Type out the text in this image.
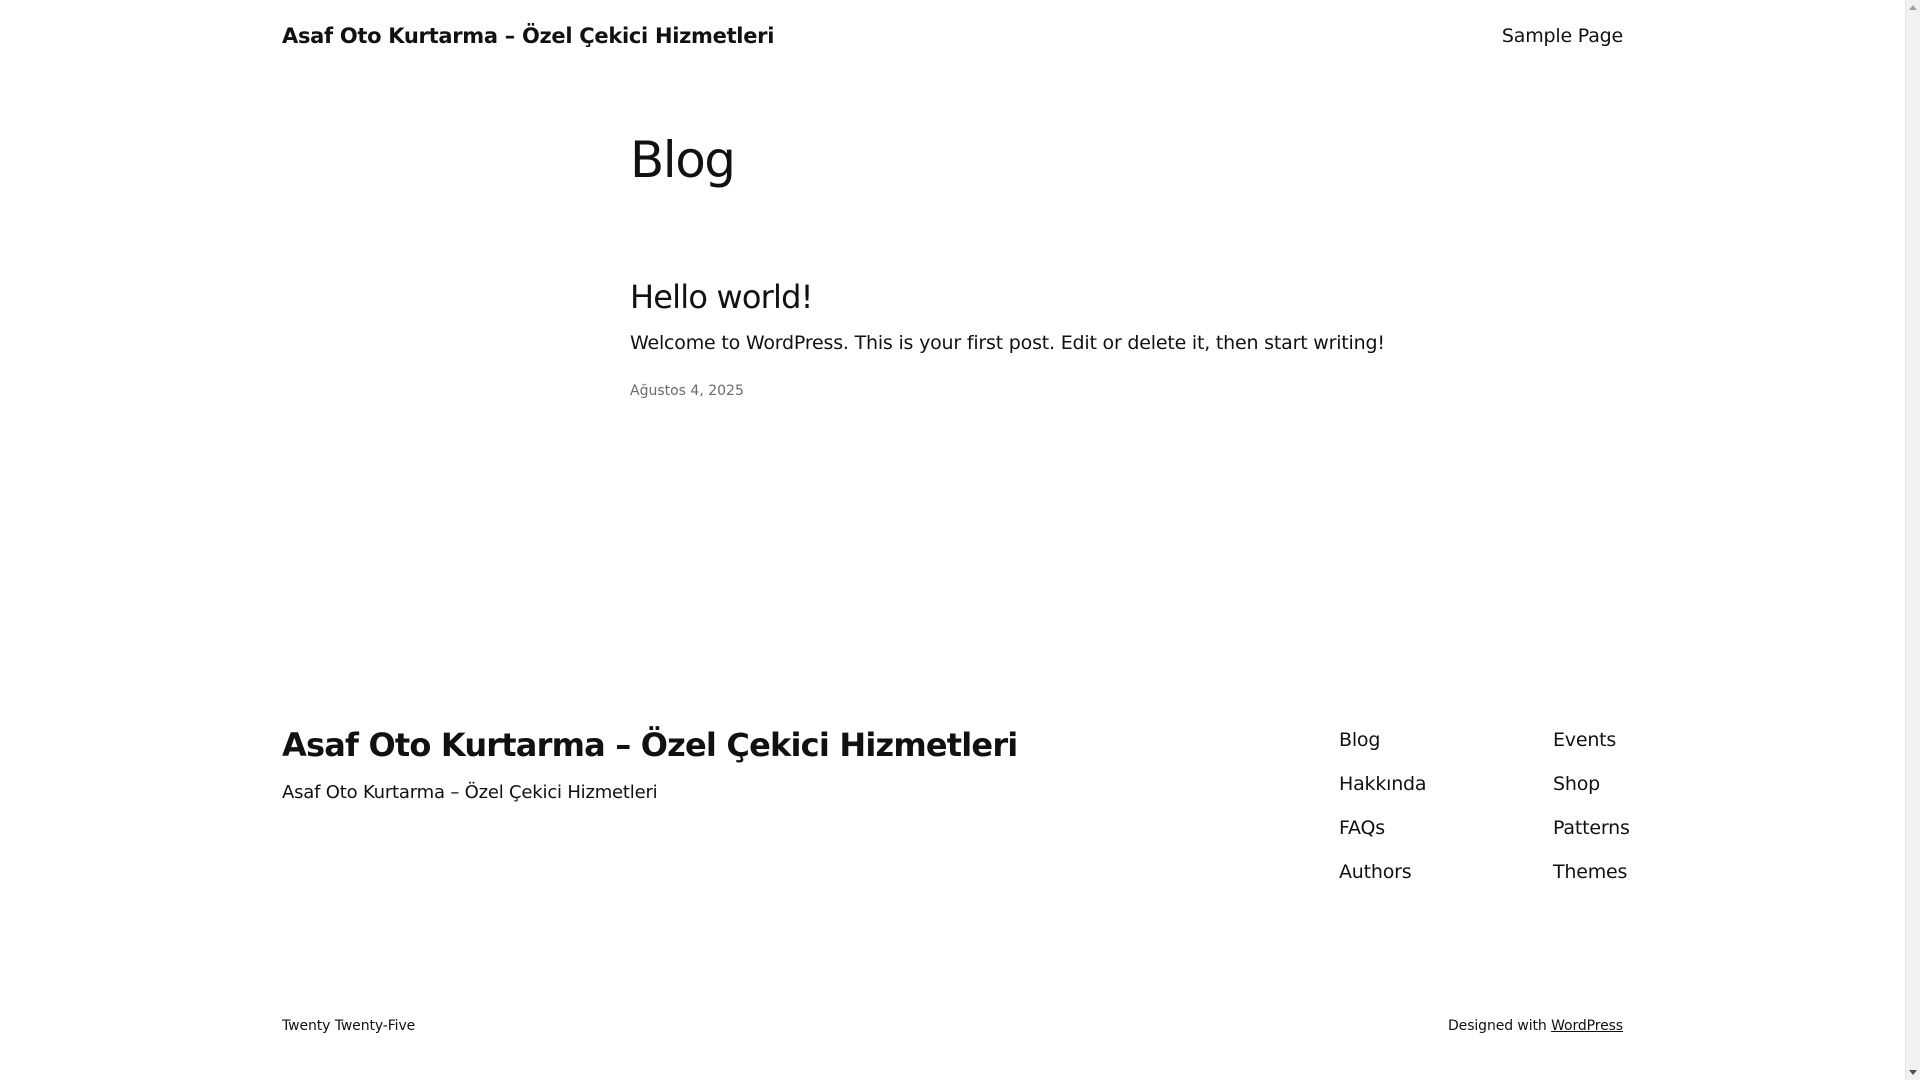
Asaf Oto Kurtarma – Özel Çekici Hizmetleri	Sample Page
Blog
Hello world!

Welcome to WordPress. This is your first post. Edit or delete it, then start writing!

Ağustos 4, 2025
Asaf Oto Kurtarma – Özel Çekici Hizmetleri
Asaf Oto Kurtarma – Özel Çekici Hizmetleri
Blog
Hakkında
FAQs
Authors
Events
Shop
Patterns
Themes
Twenty Twenty-Five	Designed with WordPress
